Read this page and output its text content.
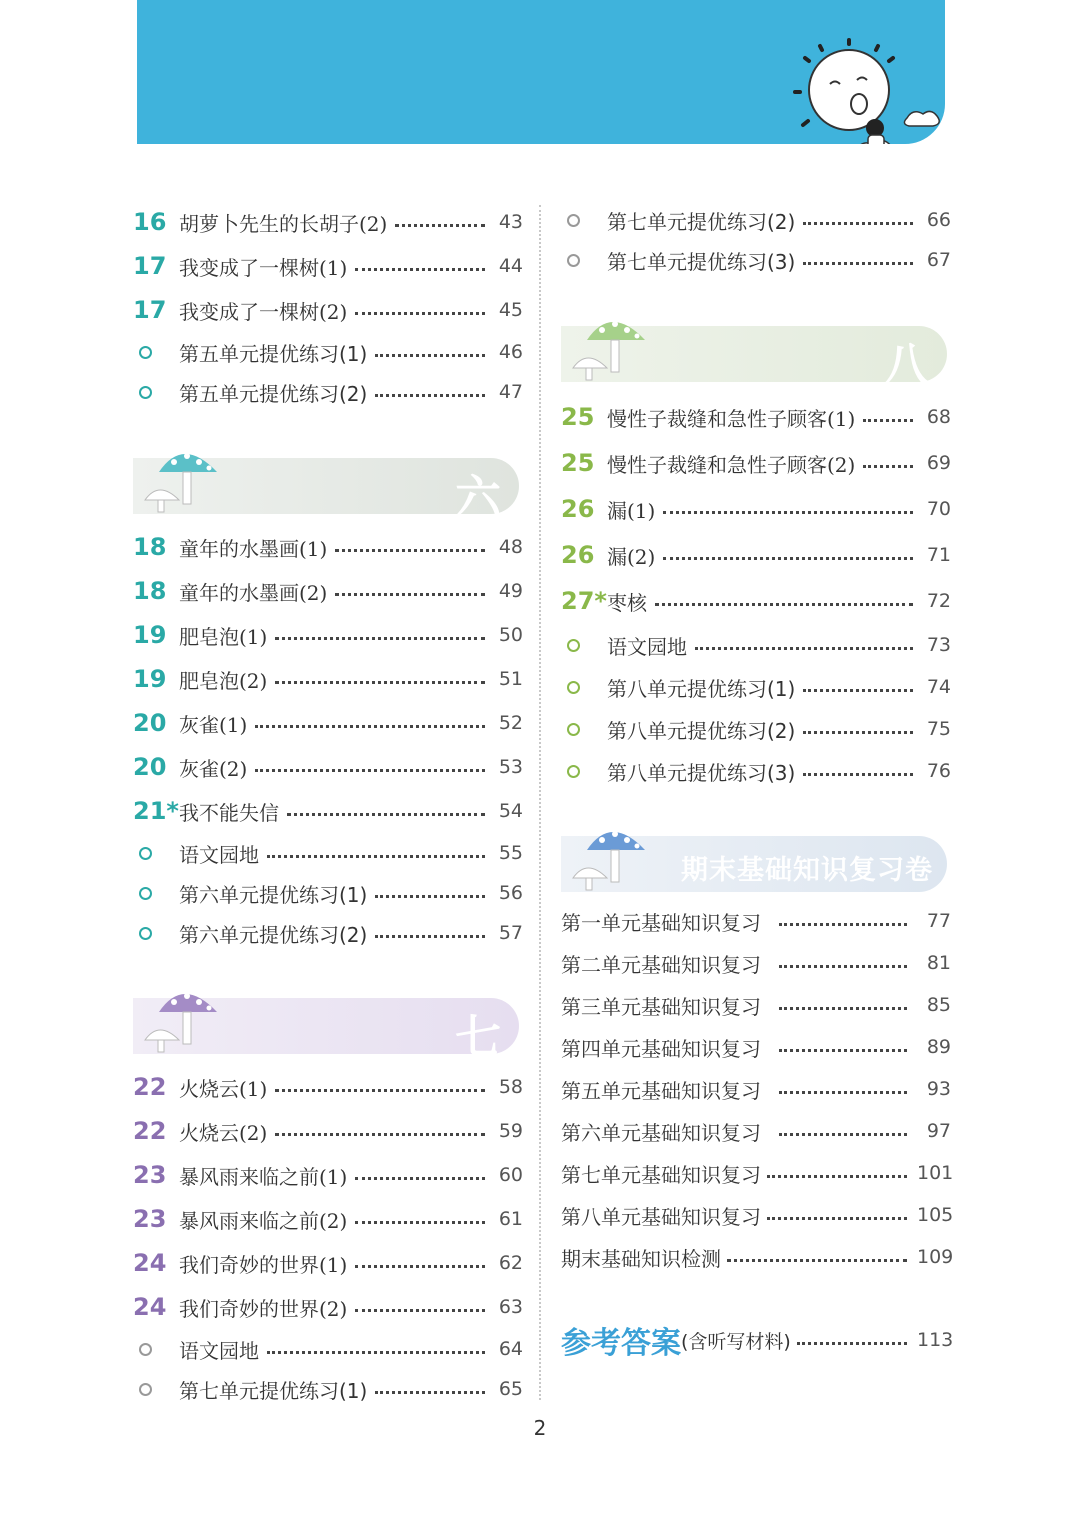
16 胡萝卜先生的长胡子(2)	43
17 我变成了一棵树(1)	44
17 我变成了一棵树(2)	45
第五单元提优练习(1)	46
第五单元提优练习(2)	47
六
18 童年的水墨画(1)	48
18 童年的水墨画(2)	49
19 肥皂泡(1)	50
19 肥皂泡(2)	51
20 灰雀(1)	52
20 灰雀(2)	53
21* 我不能失信	54
语文园地	55
第六单元提优练习(1)	56
第六单元提优练习(2)	57
七
22 火烧云(1)	58
22 火烧云(2)	59
23 暴风雨来临之前(1)	60
23 暴风雨来临之前(2)	61
24 我们奇妙的世界(1)	62
24 我们奇妙的世界(2)	63
语文园地	64
第七单元提优练习(1)	65
第七单元提优练习(2)	66
第七单元提优练习(3)	67
八
25 慢性子裁缝和急性子顾客(1)	68
25 慢性子裁缝和急性子顾客(2)	69
26 漏(1)	70
26 漏(2)	71
27* 枣核	72
语文园地	73
第八单元提优练习(1)	74
第八单元提优练习(2)	75
第八单元提优练习(3)	76
期末基础知识复习卷
第一单元基础知识复习	77
第二单元基础知识复习	81
第三单元基础知识复习	85
第四单元基础知识复习	89
第五单元基础知识复习	93
第六单元基础知识复习	97
第七单元基础知识复习	101
第八单元基础知识复习	105
期末基础知识检测	109
参考答案 (含听写材料)	113
2
